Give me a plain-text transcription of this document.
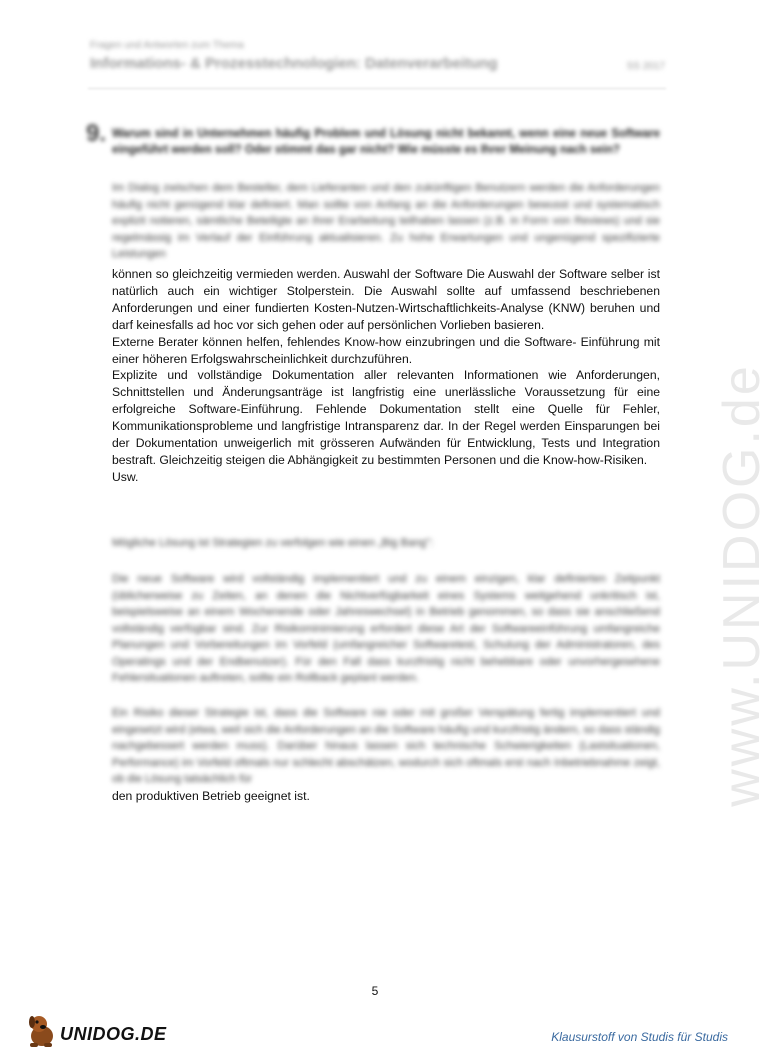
Fragen und Antworten zum Thema
Informations- & Prozesstechnologien: Datenverarbeitung	SS 2017
9. Warum sind in Unternehmen häufig Problem und Lösung nicht bekannt, wenn eine neue Software eingeführt werden soll? Oder stimmt das gar nicht? Wie müsste es Ihrer Meinung nach sein?
Im Dialog zwischen dem Besteller, dem Lieferanten und den zukünftigen Benutzern werden die Anforderungen häufig nicht genügend klar definiert. Man sollte von Anfang an die Anforderungen bewusst und systematisch explizit notieren, sämtliche Beteiligte an ihrer Erarbeitung teilhaben lassen (z.B. in Form von Reviews) und sie regelmässig im Verlauf der Einführung aktualisieren. Zu hohe Erwartungen und ungenügend spezifizierte Leistungen

können so gleichzeitig vermieden werden. Auswahl der Software Die Auswahl der Software selber ist natürlich auch ein wichtiger Stolperstein. Die Auswahl sollte auf umfassend beschriebenen Anforderungen und einer fundierten Kosten-Nutzen-Wirtschaftlichkeits-Analyse (KNW) beruhen und darf keinesfalls ad hoc vor sich gehen oder auf persönlichen Vorlieben basieren.

Externe Berater können helfen, fehlendes Know-how einzubringen und die Software- Einführung mit einer höheren Erfolgswahrscheinlichkeit durchzuführen.

Explizite und vollständige Dokumentation aller relevanten Informationen wie Anforderungen, Schnittstellen und Änderungsanträge ist langfristig eine unerlässliche Voraussetzung für eine erfolgreiche Software-Einführung. Fehlende Dokumentation stellt eine Quelle für Fehler, Kommunikationsprobleme und langfristige Intransparenz dar. In der Regel werden Einsparungen bei der Dokumentation unweigerlich mit grösseren Aufwänden für Entwicklung, Tests und Integration bestraft. Gleichzeitig steigen die Abhängigkeit zu bestimmten Personen und die Know-how-Risiken.

Usw.

Mögliche Lösung ist Strategien zu verfolgen wie einen „Big Bang":
Die neue Software wird vollständig implementiert und zu einem einzigen, klar definierten Zeitpunkt (üblicherweise zu Zeiten, an denen die Nichtverfügbarkeit eines Systems weitgehend unkritisch ist, beispielsweise an einem Wochenende oder Jahreswechsel) in Betrieb genommen, so dass sie anschließend vollständig verfügbar sind. Zur Risikominimierung erfordert diese Art der Softwareeinführung umfangreiche Planungen und Vorbereitungen im Vorfeld (umfangreicher Softwaretest, Schulung der Administratoren, des Operatings und der Endbenutzer). Für den Fall dass kurzfristig nicht behebbare oder unvorhergesehene Fehlersituationen auftreten, sollte ein Rollback geplant werden.
Ein Risiko dieser Strategie ist, dass die Software nie oder mit großer Verspätung fertig implementiert und eingesetzt wird (etwa, weil sich die Anforderungen an die Software häufig und kurzfristig ändern, so dass ständig nachgebessert werden muss). Darüber hinaus lassen sich technische Schwierigkeiten (Lastsituationen, Performance) im Vorfeld oftmals nur schlecht abschätzen, wodurch sich oftmals erst nach Inbetriebnahme zeigt, ob die Lösung tatsächlich für
den produktiven Betrieb geeignet ist.	www.UNIDOG.de
5
UNIDOG.DE	Klausurstoff von Studis für Studis
